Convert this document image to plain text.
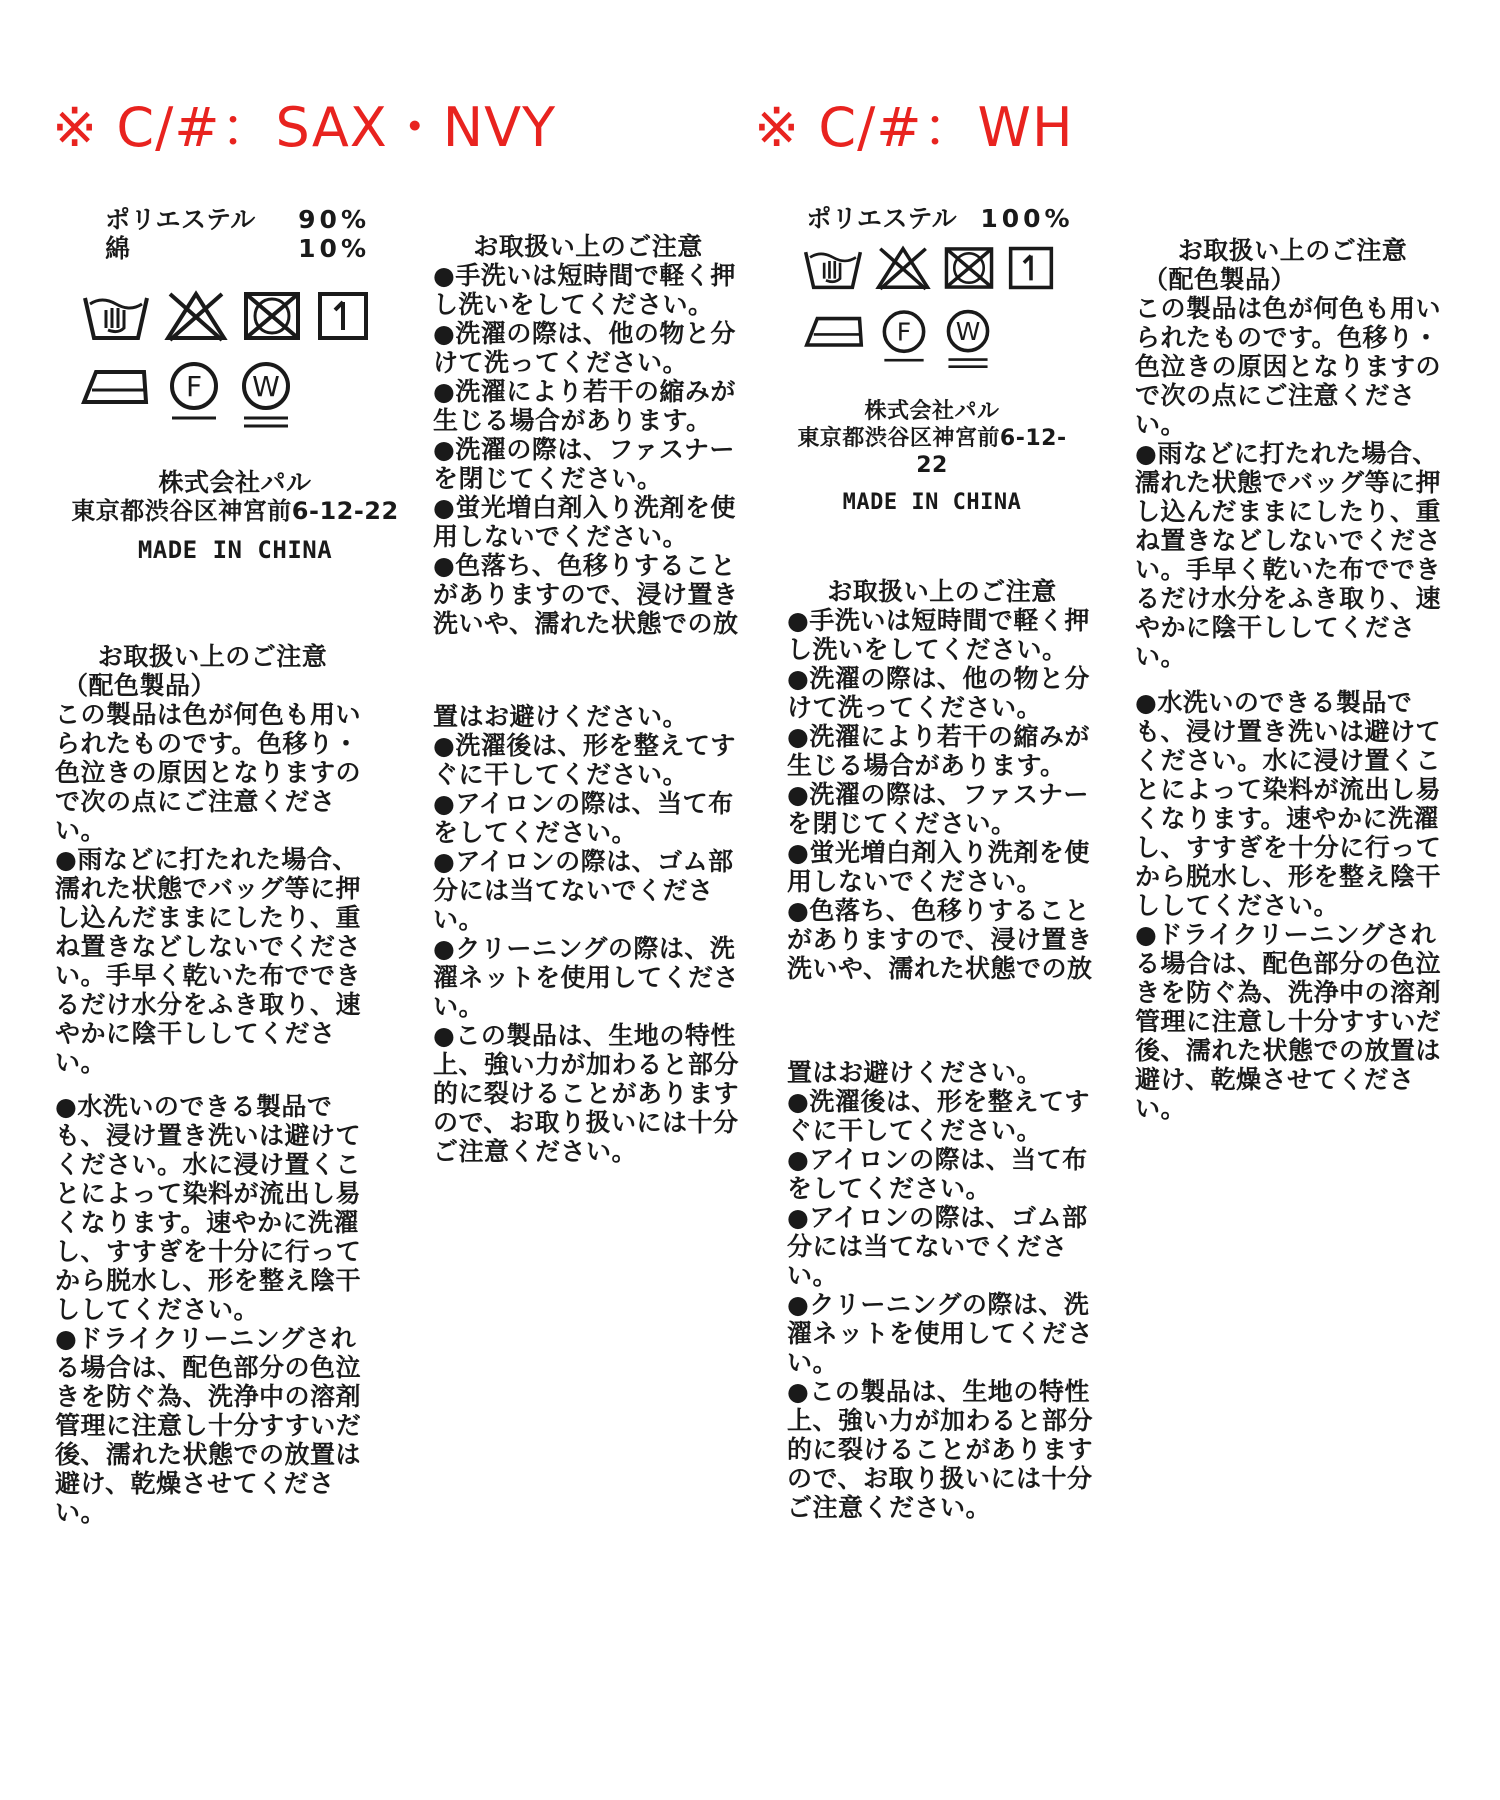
※ C/#：SAX・NVY	※ C/#：WH
ポリエステル 90%
綿	10%
F W
株式会社パル
東京都渋谷区神宮前6-12-22
MADE IN CHINA
お取扱い上のご注意
（配色製品）

この製品は色が何色も用いられたものです。色移り・色泣きの原因となりますので次の点にご注意ください。

●雨などに打たれた場合、濡れた状態でバッグ等に押し込んだままにしたり、重ね置きなどしないでください。手早く乾いた布でできるだけ水分をふき取り、速やかに陰干ししてください。

●水洗いのできる製品でも、浸け置き洗いは避けてください。水に浸け置くことによって染料が流出し易くなります。速やかに洗濯し、すすぎを十分に行ってから脱水し、形を整え陰干ししてください。

●ドライクリーニングされる場合は、配色部分の色泣きを防ぐ為、洗浄中の溶剤管理に注意し十分すすいだ後、濡れた状態での放置は避け、乾燥させてください。

お取扱い上のご注意

●手洗いは短時間で軽く押し洗いをしてください。

●洗濯の際は、他の物と分けて洗ってください。

●洗濯により若干の縮みが生じる場合があります。

●洗濯の際は、ファスナーを閉じてください。

●蛍光増白剤入り洗剤を使用しないでください。

●色落ち、色移りすることがありますので、浸け置き洗いや、濡れた状態での放

置はお避けください。

●洗濯後は、形を整えてすぐに干してください。

●アイロンの際は、当て布をしてください。

●アイロンの際は、ゴム部分には当てないでください。

●クリーニングの際は、洗濯ネットを使用してください。

●この製品は、生地の特性上、強い力が加わると部分的に裂けることがありますので、お取り扱いには十分ご注意ください。

ポリエステル 100%
F W
株式会社パル
東京都渋谷区神宮前6-12-22
MADE IN CHINA
お取扱い上のご注意

●手洗いは短時間で軽く押し洗いをしてください。

●洗濯の際は、他の物と分けて洗ってください。

●洗濯により若干の縮みが生じる場合があります。

●洗濯の際は、ファスナーを閉じてください。

●蛍光増白剤入り洗剤を使用しないでください。

●色落ち、色移りすることがありますので、浸け置き洗いや、濡れた状態での放

置はお避けください。

●洗濯後は、形を整えてすぐに干してください。

●アイロンの際は、当て布をしてください。

●アイロンの際は、ゴム部分には当てないでください。

●クリーニングの際は、洗濯ネットを使用してください。

●この製品は、生地の特性上、強い力が加わると部分的に裂けることがありますので、お取り扱いには十分ご注意ください。

お取扱い上のご注意
（配色製品）

この製品は色が何色も用いられたものです。色移り・色泣きの原因となりますので次の点にご注意ください。

●雨などに打たれた場合、濡れた状態でバッグ等に押し込んだままにしたり、重ね置きなどしないでください。手早く乾いた布でできるだけ水分をふき取り、速やかに陰干ししてください。

●水洗いのできる製品でも、浸け置き洗いは避けてください。水に浸け置くことによって染料が流出し易くなります。速やかに洗濯し、すすぎを十分に行ってから脱水し、形を整え陰干ししてください。

●ドライクリーニングされる場合は、配色部分の色泣きを防ぐ為、洗浄中の溶剤管理に注意し十分すすいだ後、濡れた状態での放置は避け、乾燥させてください。
